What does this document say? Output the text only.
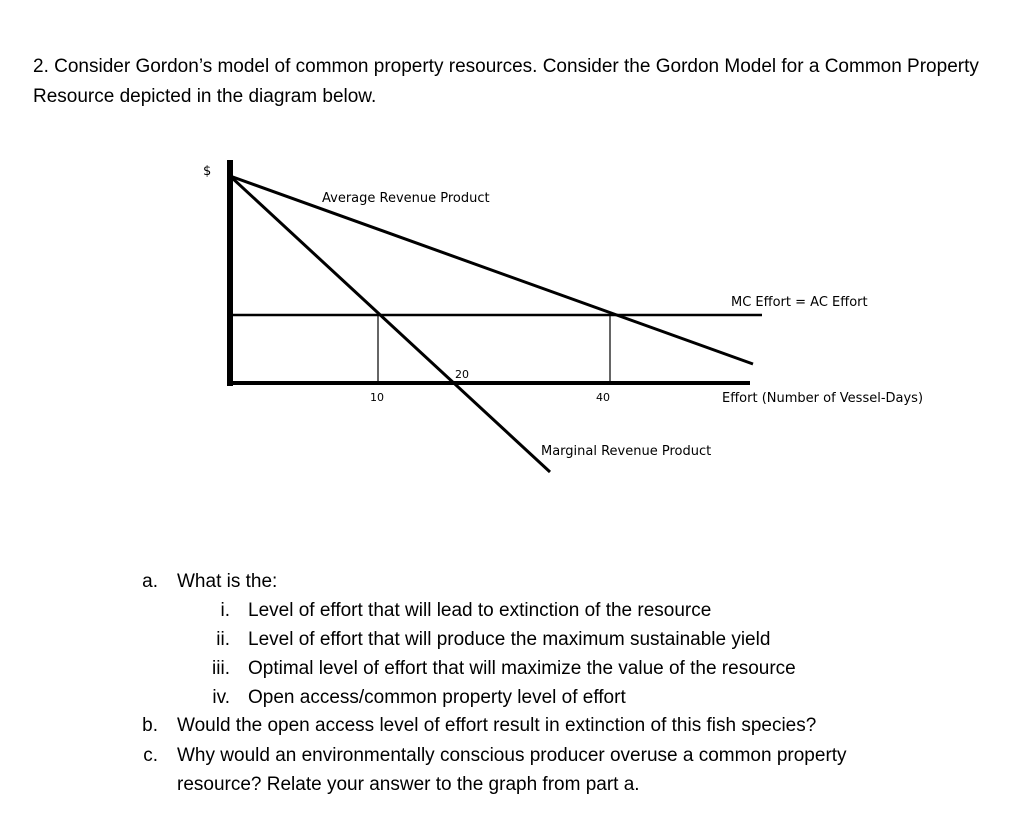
2. Consider Gordon’s model of common property resources. Consider the Gordon Model for a Common Property Resource depicted in the diagram below.

$
Average Revenue Product
MC Effort = AC Effort
Effort (Number of Vessel-Days)
Marginal Revenue Product
10
20
40
a. What is the:
i. Level of effort that will lead to extinction of the resource
ii. Level of effort that will produce the maximum sustainable yield
iii. Optimal level of effort that will maximize the value of the resource
iv. Open access/common property level of effort
b. Would the open access level of effort result in extinction of this fish species?
c. Why would an environmentally conscious producer overuse a common property
resource? Relate your answer to the graph from part a.
